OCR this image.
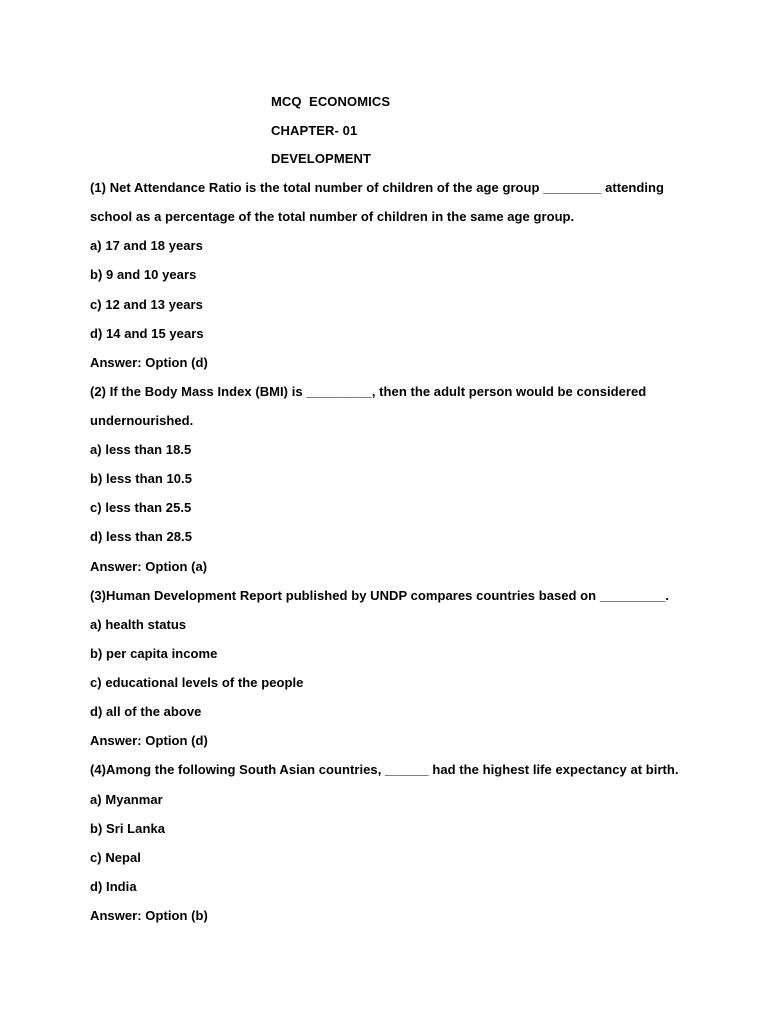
MCQ  ECONOMICS
CHAPTER- 01
DEVELOPMENT
(1) Net Attendance Ratio is the total number of children of the age group ________ attending
school as a percentage of the total number of children in the same age group.
a) 17 and 18 years
b) 9 and 10 years
c) 12 and 13 years
d) 14 and 15 years
Answer: Option (d)
(2) If the Body Mass Index (BMI) is _________, then the adult person would be considered
undernourished.
a) less than 18.5
b) less than 10.5
c) less than 25.5
d) less than 28.5
Answer: Option (a)
(3)Human Development Report published by UNDP compares countries based on _________.
a) health status
b) per capita income
c) educational levels of the people
d) all of the above
Answer: Option (d)
(4)Among the following South Asian countries, ______ had the highest life expectancy at birth.
a) Myanmar
b) Sri Lanka
c) Nepal
d) India
Answer: Option (b)
